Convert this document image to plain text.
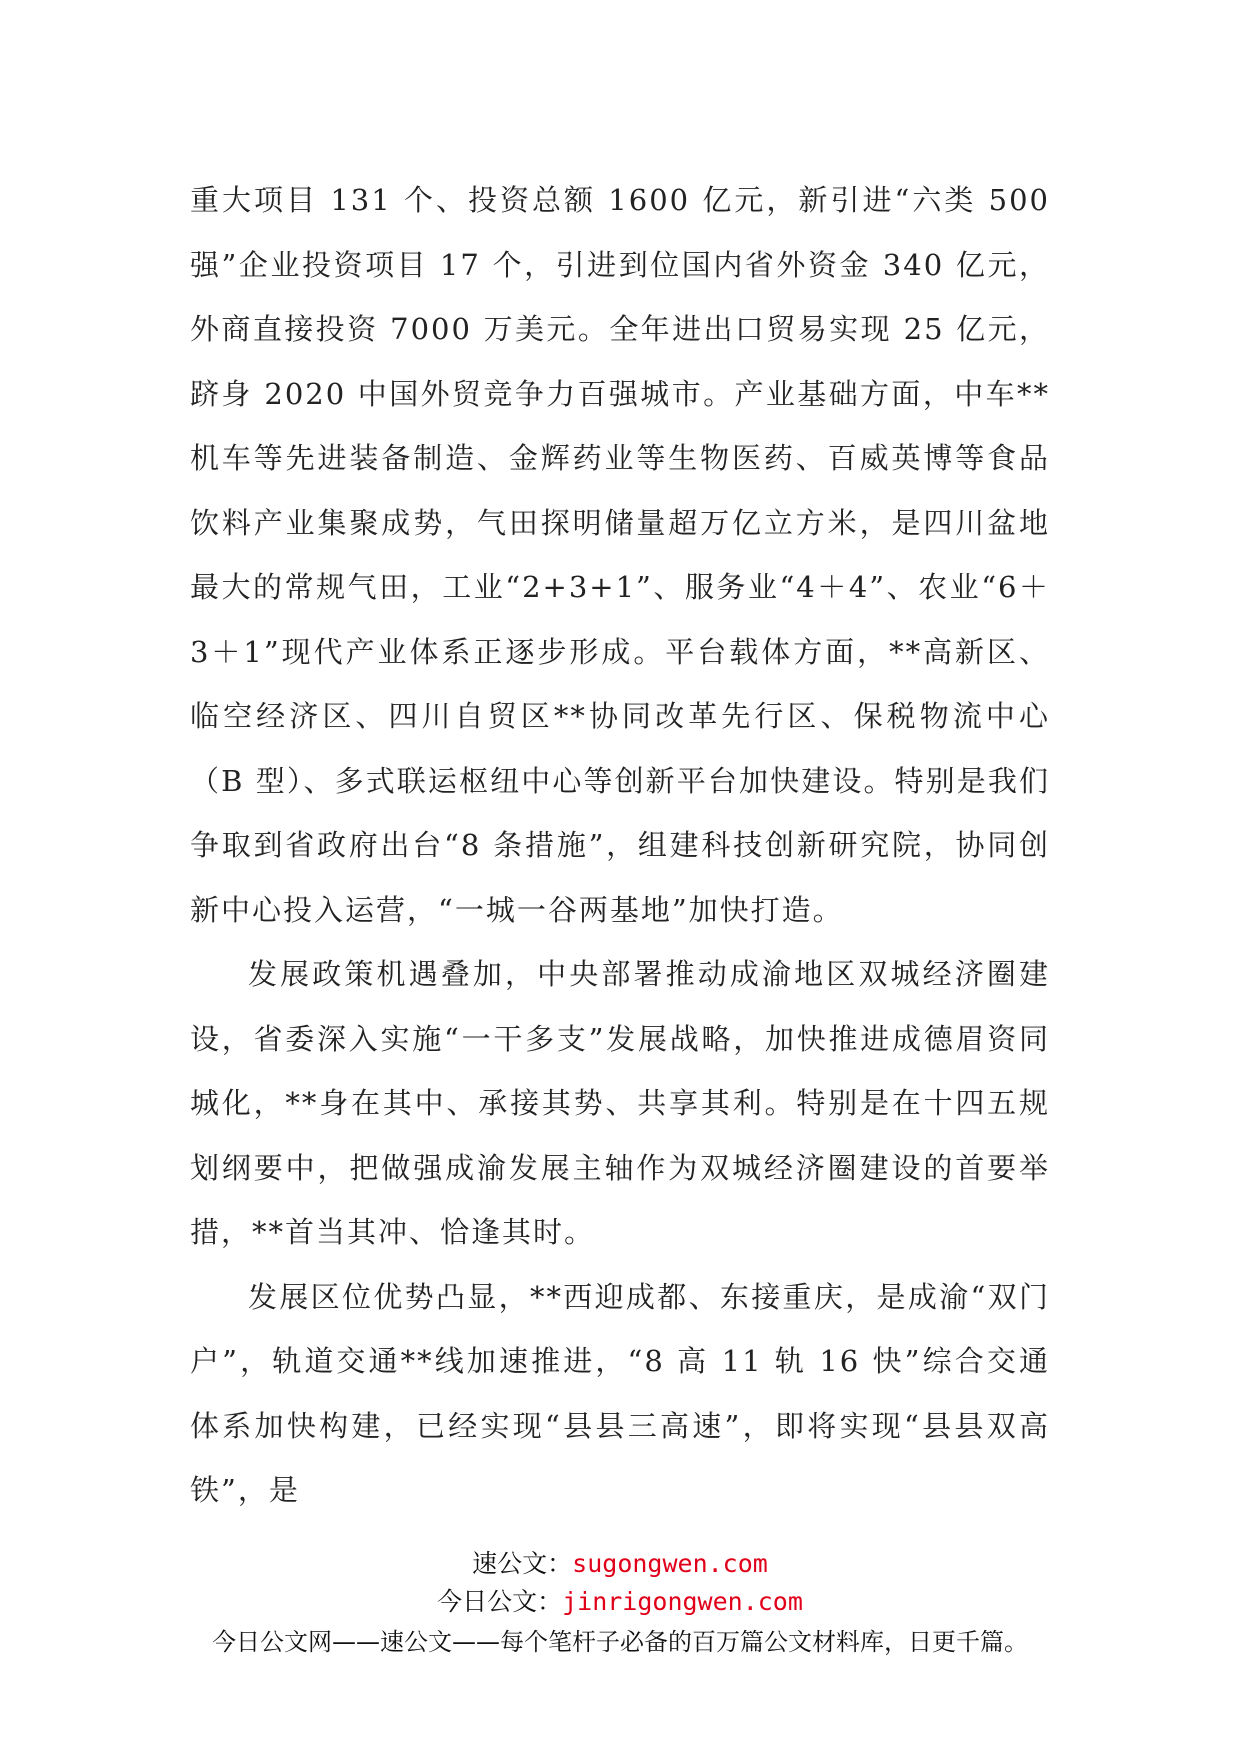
重大项目 131 个、投资总额 1600 亿元，新引进“六类 500 强”企业投资项目 17 个，引进到位国内省外资金 340 亿元，外商直接投资 7000 万美元。全年进出口贸易实现 25 亿元，跻身 2020 中国外贸竞争力百强城市。产业基础方面，中车**机车等先进装备制造、金辉药业等生物医药、百威英博等食品饮料产业集聚成势，气田探明储量超万亿立方米，是四川盆地最大的常规气田，工业“2+3+1”、服务业“4＋4”、农业“6＋3＋1”现代产业体系正逐步形成。平台载体方面，**高新区、临空经济区、四川自贸区**协同改革先行区、保税物流中心（B 型）、多式联运枢纽中心等创新平台加快建设。特别是我们争取到省政府出台“8 条措施”，组建科技创新研究院，协同创新中心投入运营，“一城一谷两基地”加快打造。

发展政策机遇叠加，中央部署推动成渝地区双城经济圈建设，省委深入实施“一干多支”发展战略，加快推进成德眉资同城化，**身在其中、承接其势、共享其利。特别是在十四五规划纲要中，把做强成渝发展主轴作为双城经济圈建设的首要举措，**首当其冲、恰逢其时。

发展区位优势凸显，**西迎成都、东接重庆，是成渝“双门户”，轨道交通**线加速推进，“8 高 11 轨 16 快”综合交通体系加快构建，已经实现“县县三高速”，即将实现“县县双高铁”，是

速公文：sugongwen.com

今日公文：jinrigongwen.com

今日公文网——速公文——每个笔杆子必备的百万篇公文材料库，日更千篇。
